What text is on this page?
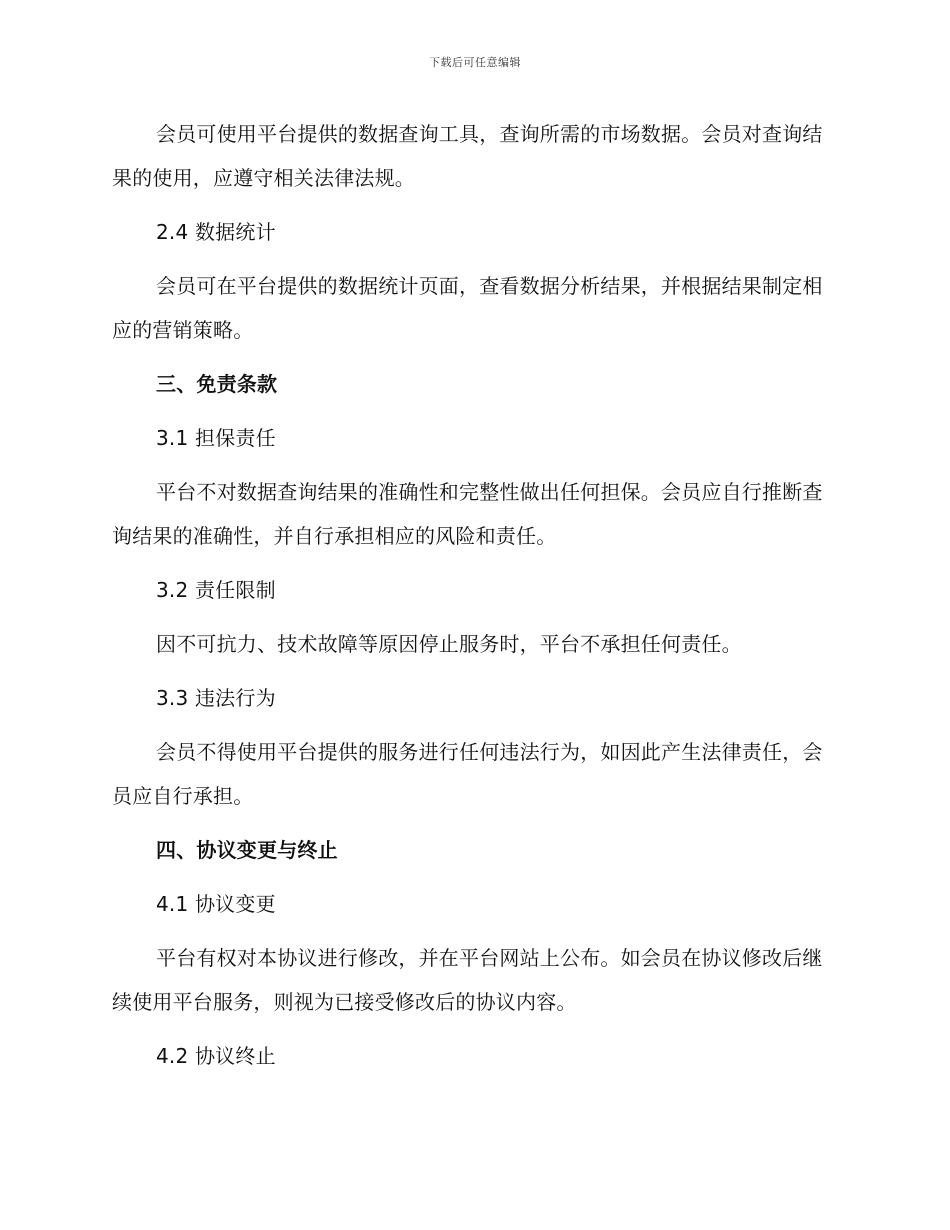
下载后可任意编辑

会员可使用平台提供的数据查询工具，查询所需的市场数据。会员对查询结果的使用，应遵守相关法律法规。

2.4 数据统计

会员可在平台提供的数据统计页面，查看数据分析结果，并根据结果制定相应的营销策略。

三、免责条款

3.1 担保责任

平台不对数据查询结果的准确性和完整性做出任何担保。会员应自行推断查询结果的准确性，并自行承担相应的风险和责任。

3.2 责任限制

因不可抗力、技术故障等原因停止服务时，平台不承担任何责任。

3.3 违法行为

会员不得使用平台提供的服务进行任何违法行为，如因此产生法律责任，会员应自行承担。

四、协议变更与终止

4.1 协议变更

平台有权对本协议进行修改，并在平台网站上公布。如会员在协议修改后继续使用平台服务，则视为已接受修改后的协议内容。

4.2 协议终止
